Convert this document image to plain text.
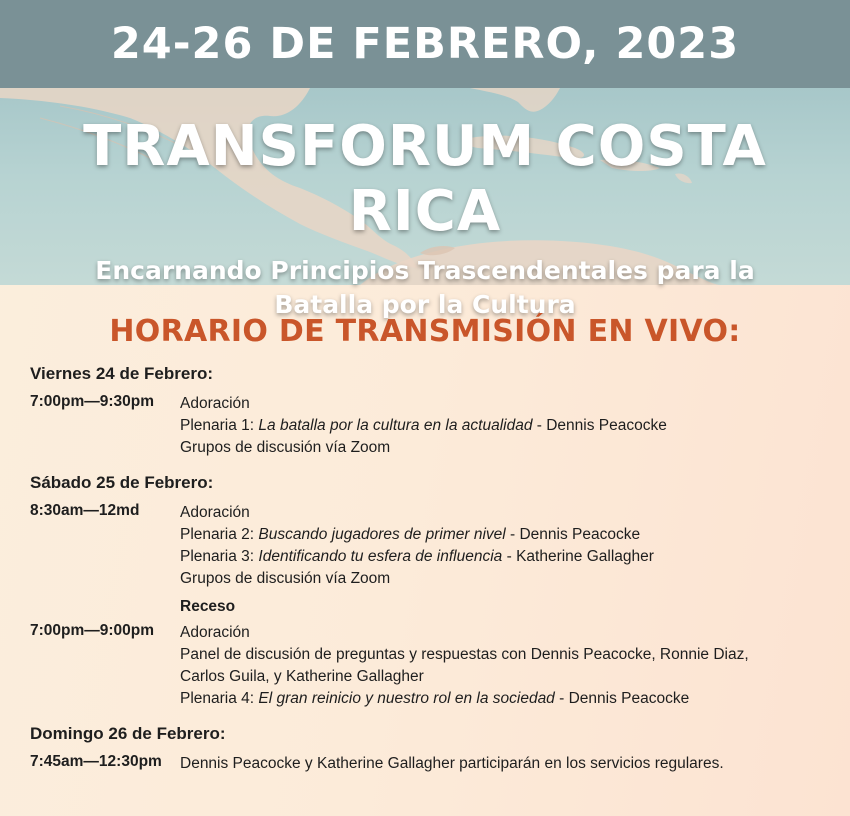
24-26 DE FEBRERO, 2023
TRANSFORUM COSTA RICA
Encarnando Principios Trascendentales para la
Batalla por la Cultura
HORARIO DE TRANSMISIÓN EN VIVO:
Viernes 24 de Febrero:
7:00pm—9:30pm	Adoración
Plenaria 1: La batalla por la cultura en la actualidad - Dennis Peacocke
Grupos de discusión vía Zoom
Sábado 25 de Febrero:
8:30am—12md	Adoración
Plenaria 2: Buscando jugadores de primer nivel - Dennis Peacocke
Plenaria 3: Identificando tu esfera de influencia - Katherine Gallagher
Grupos de discusión vía Zoom
Receso
7:00pm—9:00pm	Adoración
Panel de discusión de preguntas y respuestas con Dennis Peacocke, Ronnie Diaz,
Carlos Guila, y Katherine Gallagher
Plenaria 4: El gran reinicio y nuestro rol en la sociedad - Dennis Peacocke
Domingo 26 de Febrero:
7:45am—12:30pm	Dennis Peacocke y Katherine Gallagher participarán en los servicios regulares.
